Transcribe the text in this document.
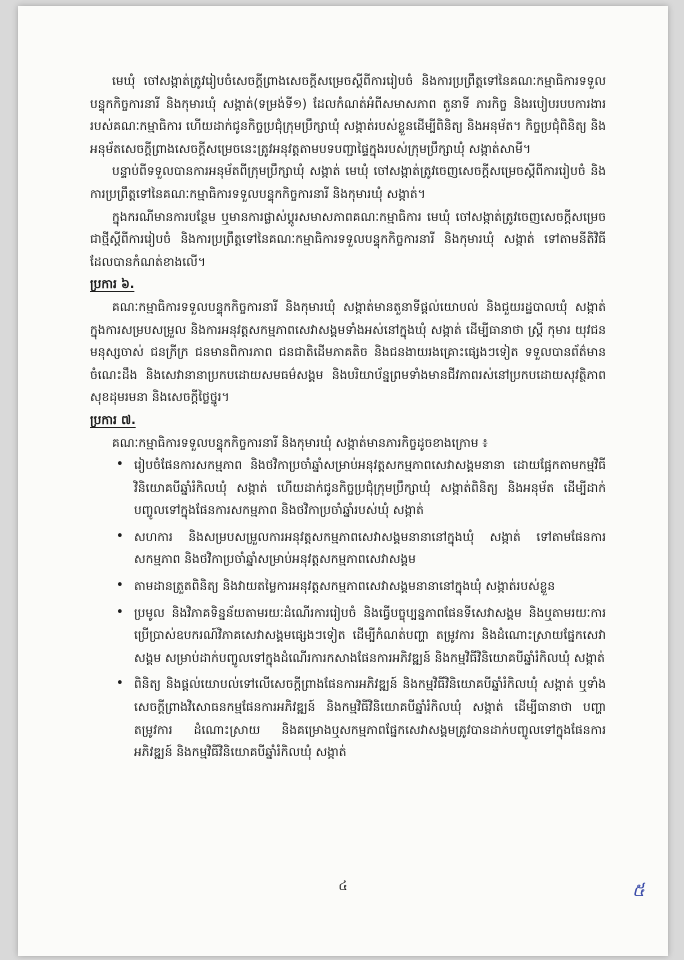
មេឃុំ ចៅសង្កាត់ត្រូវរៀបចំសេចក្តីព្រាងសេចក្តីសម្រេចស្តីពីការរៀបចំ និងការប្រព្រឹត្តទៅនៃគណៈកម្មាធិការទទួលបន្ទុកកិច្ចការនារី និងកុមារឃុំ សង្កាត់(ទម្រង់ទី១) ដែលកំណត់អំពីសមាសភាព តួនាទី ភារកិច្ច និងរបៀបរបបការងាររបស់គណៈកម្មាធិការ ហើយដាក់ជូនកិច្ចប្រជុំក្រុមប្រឹក្សាឃុំ សង្កាត់របស់ខ្លួនដើម្បីពិនិត្យ និងអនុម័ត។ កិច្ចប្រជុំពិនិត្យ និងអនុម័តសេចក្តីព្រាងសេចក្តីសម្រេចនេះត្រូវអនុវត្តតាមបទបញ្ជាផ្ទៃក្នុងរបស់ក្រុមប្រឹក្សាឃុំ សង្កាត់សាមី។

បន្ទាប់ពីទទួលបានការអនុម័តពីក្រុមប្រឹក្សាឃុំ សង្កាត់ មេឃុំ ចៅសង្កាត់ត្រូវចេញសេចក្តីសម្រេចស្តីពីការរៀបចំ និងការប្រព្រឹត្តទៅនៃគណៈកម្មាធិការទទួលបន្ទុកកិច្ចការនារី និងកុមារឃុំ សង្កាត់។

ក្នុងករណីមានការបន្ថែម ឬមានការផ្លាស់ប្តូរសមាសភាពគណៈកម្មាធិការ មេឃុំ ចៅសង្កាត់ត្រូវចេញសេចក្តីសម្រេចជាថ្មីស្តីពីការរៀបចំ និងការប្រព្រឹត្តទៅនៃគណៈកម្មាធិការទទួលបន្ទុកកិច្ចការនារី និងកុមារឃុំ សង្កាត់ ទៅតាមនីតិវិធីដែលបានកំណត់ខាងលើ។

ប្រការ ៦.

គណៈកម្មាធិការទទួលបន្ទុកកិច្ចការនារី និងកុមារឃុំ សង្កាត់មានតួនាទីផ្តល់យោបល់ និងជួយរដ្ឋបាលឃុំ សង្កាត់ក្នុងការសម្របសម្រួល និងការអនុវត្តសកម្មភាពសេវាសង្គមទាំងអស់នៅក្នុងឃុំ សង្កាត់ ដើម្បីធានាថា ស្ត្រី កុមារ យុវជន មនុស្សចាស់ ជនក្រីក្រ ជនមានពិការភាព ជនជាតិដើមភាគតិច និងជនងាយរងគ្រោះផ្សេងៗទៀត ទទួលបានព័ត៌មាន ចំណេះដឹង និងសេវានានាប្រកបដោយសមធម៌សង្គម និងបរិយាប័ន្នព្រមទាំងមានជីវភាពរស់នៅប្រកបដោយសុវត្ថិភាព សុខដុមរមនា និងសេចក្តីថ្លៃថ្នូរ។

ប្រការ ៧.

គណៈកម្មាធិការទទួលបន្ទុកកិច្ចការនារី និងកុមារឃុំ សង្កាត់មានភារកិច្ចដូចខាងក្រោម ៖

• រៀបចំផែនការសកម្មភាព និងថវិកាប្រចាំឆ្នាំសម្រាប់អនុវត្តសកម្មភាពសេវាសង្គមនានា ដោយផ្អែកតាមកម្មវិធីវិនិយោគបីឆ្នាំរំកិលឃុំ សង្កាត់ ហើយដាក់ជូនកិច្ចប្រជុំក្រុមប្រឹក្សាឃុំ សង្កាត់ពិនិត្យ និងអនុម័ត ដើម្បីដាក់បញ្ចូលទៅក្នុងផែនការសកម្មភាព និងថវិកាប្រចាំឆ្នាំរបស់ឃុំ សង្កាត់
• សហការ និងសម្របសម្រួលការអនុវត្តសកម្មភាពសេវាសង្គមនានានៅក្នុងឃុំ សង្កាត់ ទៅតាមផែនការសកម្មភាព និងថវិកាប្រចាំឆ្នាំសម្រាប់អនុវត្តសកម្មភាពសេវាសង្គម
• តាមដានត្រួតពិនិត្យ និងវាយតម្លៃការអនុវត្តសកម្មភាពសេវាសង្គមនានានៅក្នុងឃុំ សង្កាត់របស់ខ្លួន
• ប្រមូល និងវិភាគទិន្នន័យតាមរយៈដំណើរការរៀបចំ និងធ្វើបច្ចុប្បន្នភាពផែនទីសេវាសង្គម និងឬតាមរយៈការប្រើប្រាស់ឧបករណ៍វិភាគសេវាសង្គមផ្សេងៗទៀត ដើម្បីកំណត់បញ្ហា តម្រូវការ និងដំណោះស្រាយផ្នែកសេវាសង្គម សម្រាប់ដាក់បញ្ចូលទៅក្នុងដំណើរការកសាងផែនការអភិវឌ្ឍន៍ និងកម្មវិធីវិនិយោគបីឆ្នាំរំកិលឃុំ សង្កាត់
• ពិនិត្យ និងផ្តល់យោបល់ទៅលើសេចក្តីព្រាងផែនការអភិវឌ្ឍន៍ និងកម្មវិធីវិនិយោគបីឆ្នាំរំកិលឃុំ សង្កាត់ ឬទាំងសេចក្តីព្រាងវិសោធនកម្មផែនការអភិវឌ្ឍន៍ និងកម្មវិធីវិនិយោគបីឆ្នាំរំកិលឃុំ សង្កាត់ ដើម្បីធានាថា បញ្ហា តម្រូវការ ដំណោះស្រាយ និងគម្រោងឬសកម្មភាពផ្នែកសេវាសង្គមត្រូវបានដាក់បញ្ចូលទៅក្នុងផែនការអភិវឌ្ឍន៍ និងកម្មវិធីវិនិយោគបីឆ្នាំរំកិលឃុំ សង្កាត់
៤	៥
